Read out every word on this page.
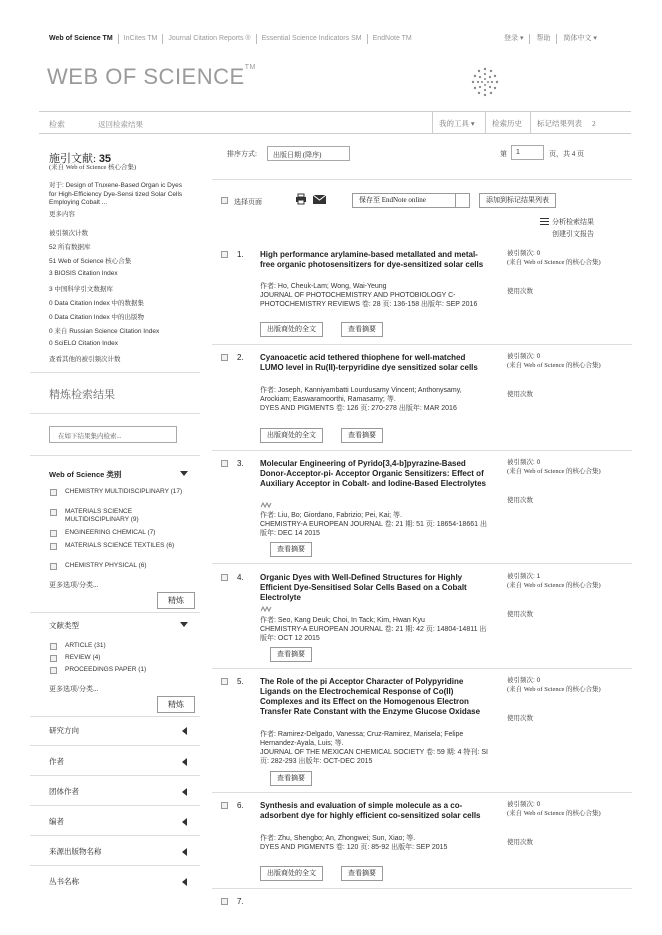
Web of Science TM	InCites TM	Journal Citation Reports ®	Essential Science Indicators SM	EndNote TM	登录 ▾	帮助	简体中文 ▾
WEB OF SCIENCE™
检索	返回检索结果	我的工具 ▾	检索历史	标记结果列表 2
施引文献: 35
(来自 Web of Science 核心合集)
对于: Design of Truxene-Based Organ ic Dyes for High-Efficiency Dye-Sensi tized Solar Cells Employing Cobalt ...
更多内容
被引频次计数
52 所有数据库
51 Web of Science 核心合集
3 BIOSIS Citation Index
3 中国科学引文数据库
0 Data Citation Index 中的数据集
0 Data Citation Index 中的出版物
0 来自 Russian Science Citation Index
0 SciELO Citation Index
查看其他的被引频次计数
精炼检索结果
在如下结果集内检索...
Web of Science 类别
CHEMISTRY MULTIDISCIPLINARY (17)
MATERIALS SCIENCE MULTIDISCIPLINARY (9)
ENGINEERING CHEMICAL (7)
MATERIALS SCIENCE TEXTILES (6)
CHEMISTRY PHYSICAL (6)
更多选项/分类...
精炼
文献类型
ARTICLE (31)
REVIEW (4)
PROCEEDINGS PAPER (1)
更多选项/分类...
精炼
研究方向
作者
团体作者
编者
来源出版物名称
丛书名称
排序方式:	出版日期 (降序)	第	1	页，共 4 页
选择页面	保存至 EndNote online	添加到标记结果列表
分析检索结果
创建引文报告
1. High performance arylamine-based metallated and metal-free organic photosensitizers for dye-sensitized solar cells
作者: Ho, Cheuk-Lam; Wong, Wai-Yeung
JOURNAL OF PHOTOCHEMISTRY AND PHOTOBIOLOGY C-PHOTOCHEMISTRY REVIEWS 卷: 28 页: 136-158 出版年: SEP 2016
出版商处的全文	查看摘要
被引频次: 0
(来自 Web of Science 的核心合集)
使用次数
2. Cyanoacetic acid tethered thiophene for well-matched LUMO level in Ru(II)-terpyridine dye sensitized solar cells
作者: Joseph, Kanniyambatti Lourdusamy Vincent; Anthonysamy, Arockiam; Easwaramoorthi, Ramasamy; 等.
DYES AND PIGMENTS 卷: 126 页: 270-278 出版年: MAR 2016
出版商处的全文	查看摘要
被引频次: 0
(来自 Web of Science 的核心合集)
使用次数
3. Molecular Engineering of Pyrido[3,4-b]pyrazine-Based Donor-Acceptor-pi- Acceptor Organic Sensitizers: Effect of Auxiliary Acceptor in Cobalt- and Iodine-Based Electrolytes
作者: Liu, Bo; Giordano, Fabrizio; Pei, Kai; 等.
CHEMISTRY-A EUROPEAN JOURNAL 卷: 21 期: 51 页: 18654-18661 出版年: DEC 14 2015
查看摘要
被引频次: 0
(来自 Web of Science 的核心合集)
使用次数
4. Organic Dyes with Well-Defined Structures for Highly Efficient Dye-Sensitised Solar Cells Based on a Cobalt Electrolyte
作者: Seo, Kang Deuk; Choi, In Tack; Kim, Hwan Kyu
CHEMISTRY-A EUROPEAN JOURNAL 卷: 21 期: 42 页: 14804-14811 出版年: OCT 12 2015
查看摘要
被引频次: 1
(来自 Web of Science 的核心合集)
使用次数
5. The Role of the pi Acceptor Character of Polypyridine Ligands on the Electrochemical Response of Co(II) Complexes and its Effect on the Homogenous Electron Transfer Rate Constant with the Enzyme Glucose Oxidase
作者: Ramirez-Delgado, Vanessa; Cruz-Ramirez, Marisela; Felipe Hernandez-Ayala, Luis; 等.
JOURNAL OF THE MEXICAN CHEMICAL SOCIETY 卷: 59 期: 4 特刊: SI 页: 282-293 出版年: OCT-DEC 2015
查看摘要
被引频次: 0
(来自 Web of Science 的核心合集)
使用次数
6. Synthesis and evaluation of simple molecule as a co-adsorbent dye for highly efficient co-sensitized solar cells
作者: Zhu, Shengbo; An, Zhongwei; Sun, Xiao; 等.
DYES AND PIGMENTS 卷: 120 页: 85-92 出版年: SEP 2015
出版商处的全文	查看摘要
被引频次: 0
(来自 Web of Science 的核心合集)
使用次数
7.
